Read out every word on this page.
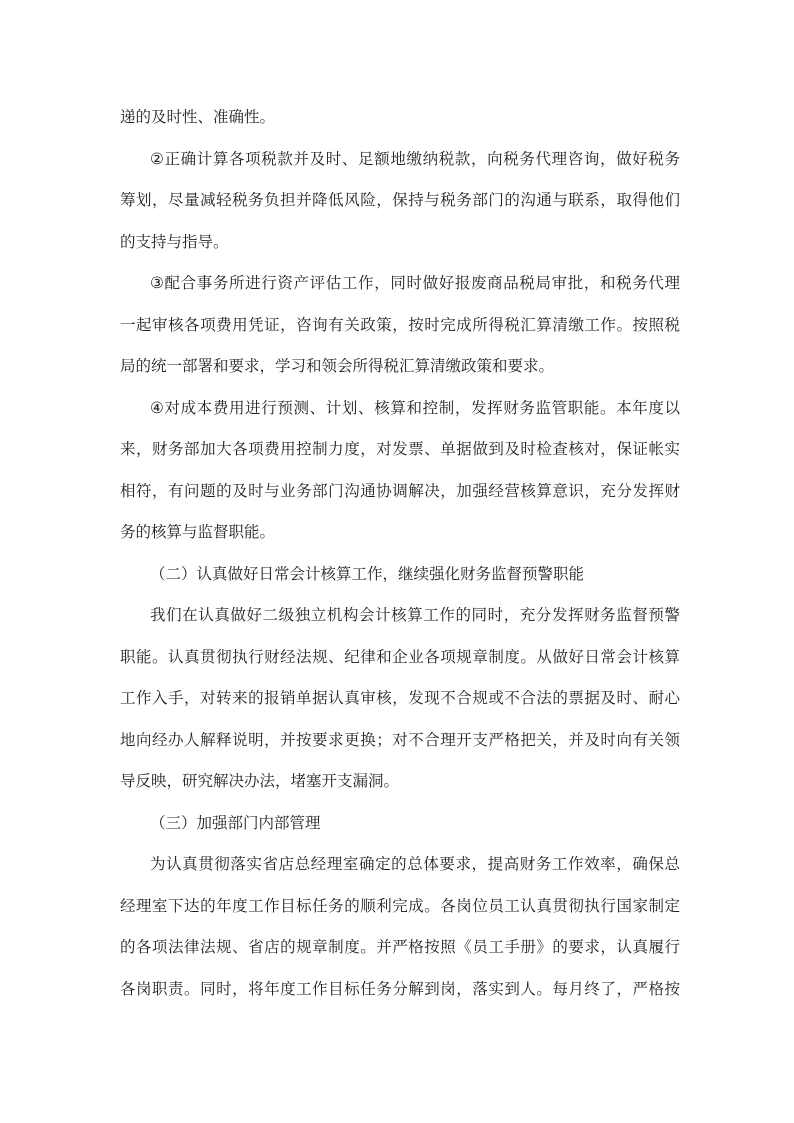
递的及时性、准确性。
②正确计算各项税款并及时、足额地缴纳税款，向税务代理咨询，做好税务
筹划，尽量减轻税务负担并降低风险，保持与税务部门的沟通与联系，取得他们
的支持与指导。
③配合事务所进行资产评估工作，同时做好报废商品税局审批，和税务代理
一起审核各项费用凭证，咨询有关政策，按时完成所得税汇算清缴工作。按照税
局的统一部署和要求，学习和领会所得税汇算清缴政策和要求。
④对成本费用进行预测、计划、核算和控制，发挥财务监管职能。本年度以
来，财务部加大各项费用控制力度，对发票、单据做到及时检查核对，保证帐实
相符，有问题的及时与业务部门沟通协调解决，加强经营核算意识，充分发挥财
务的核算与监督职能。
（二）认真做好日常会计核算工作，继续强化财务监督预警职能
我们在认真做好二级独立机构会计核算工作的同时，充分发挥财务监督预警
职能。认真贯彻执行财经法规、纪律和企业各项规章制度。从做好日常会计核算
工作入手，对转来的报销单据认真审核，发现不合规或不合法的票据及时、耐心
地向经办人解释说明，并按要求更换；对不合理开支严格把关，并及时向有关领
导反映，研究解决办法，堵塞开支漏洞。
（三）加强部门内部管理
为认真贯彻落实省店总经理室确定的总体要求，提高财务工作效率，确保总
经理室下达的年度工作目标任务的顺利完成。各岗位员工认真贯彻执行国家制定
的各项法律法规、省店的规章制度。并严格按照《员工手册》的要求，认真履行
各岗职责。同时，将年度工作目标任务分解到岗，落实到人。每月终了，严格按
